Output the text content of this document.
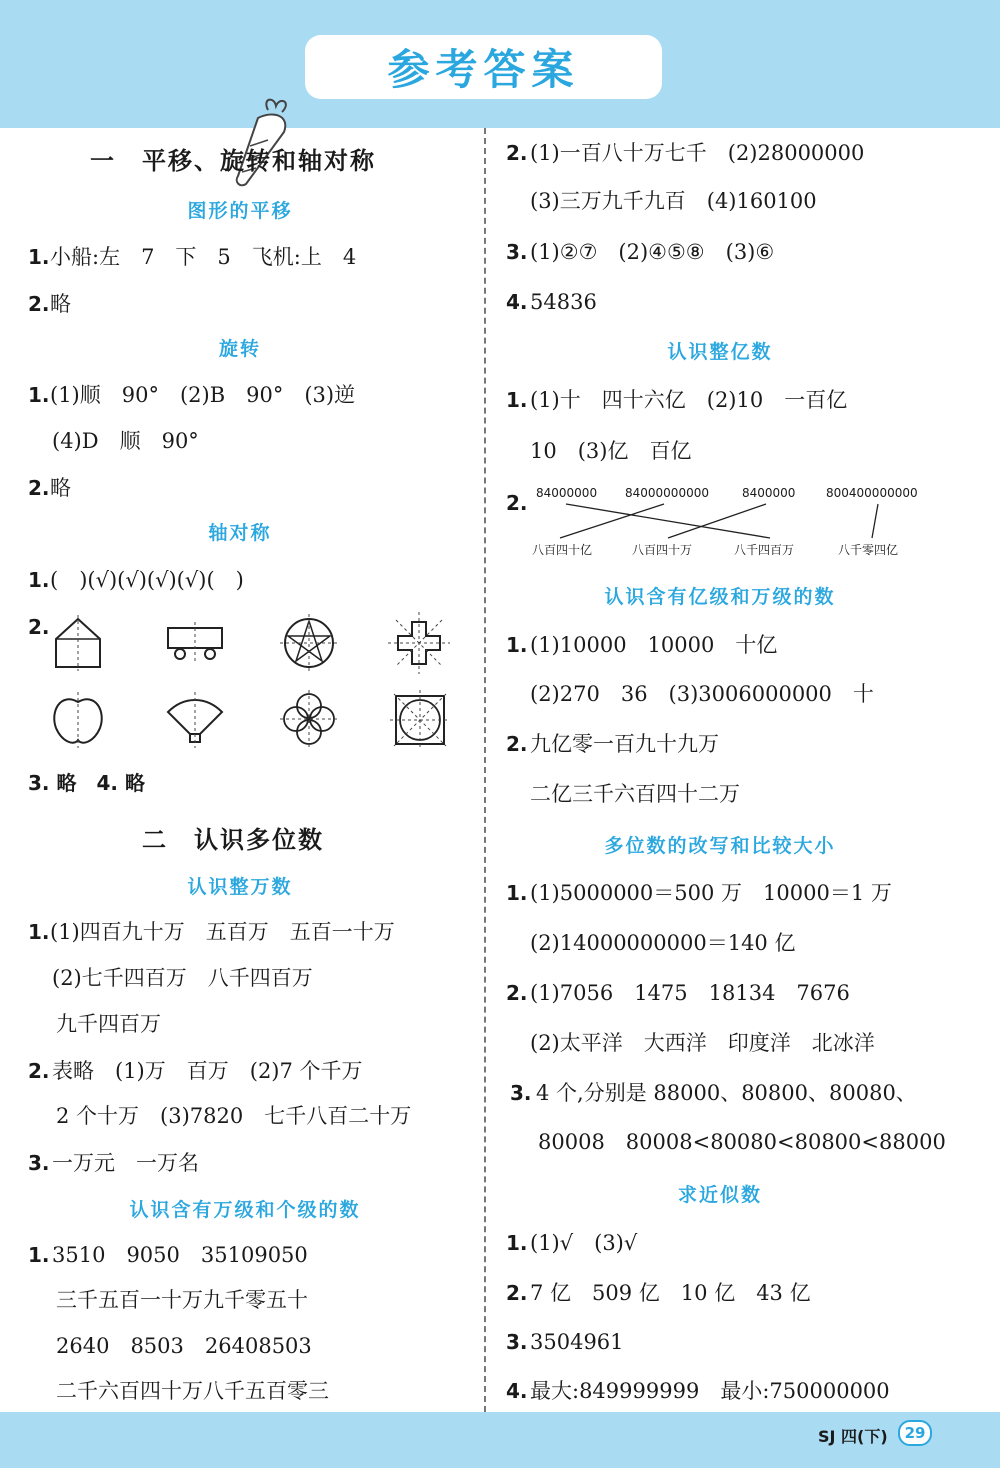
参考答案
一　平移、旋转和轴对称
图形的平移
1. 小船:左　7　下　5　飞机:上　4
2. 略
旋转
1. (1)顺　90°　(2)B　90°　(3)逆
(4)D　顺　90°
2. 略
轴对称
1. (　)(√)(√)(√)(√)(　)
2.
3. 略　4. 略
二　认识多位数
认识整万数
1. (1)四百九十万　五百万　五百一十万
(2)七千四百万　八千四百万
九千四百万
2. 表略　(1)万　百万　(2)7 个千万
2 个十万　(3)7820　七千八百二十万
3. 一万元　一万名
认识含有万级和个级的数
1. 3510　9050　35109050
三千五百一十万九千零五十
2640　8503　26408503
二千六百四十万八千五百零三
2. (1)一百八十万七千　(2)28000000
(3)三万九千九百　(4)160100
3. (1)②⑦　(2)④⑤⑧　(3)⑥
4. 54836
认识整亿数
1. (1)十　四十六亿　(2)10　一百亿
10　(3)亿　百亿
2. 84000000 84000000000	8400000	800400000000
八百四十亿	八百四十万	八千四百万	八千零四亿
认识含有亿级和万级的数
1. (1)10000　10000　十亿
(2)270　36　(3)3006000000　十
2. 九亿零一百九十九万
二亿三千六百四十二万
多位数的改写和比较大小
1. (1)5000000＝500 万　10000＝1 万
(2)14000000000＝140 亿
2. (1)7056　1475　18134　7676
(2)太平洋　大西洋　印度洋　北冰洋
3. 4 个,分别是 88000、80800、80080、
80008　80008<80080<80800<88000
求近似数
1. (1)√　(3)√
2. 7 亿　509 亿　10 亿　43 亿
3. 3504961
4. 最大:849999999　最小:750000000
SJ 四(下)	29
